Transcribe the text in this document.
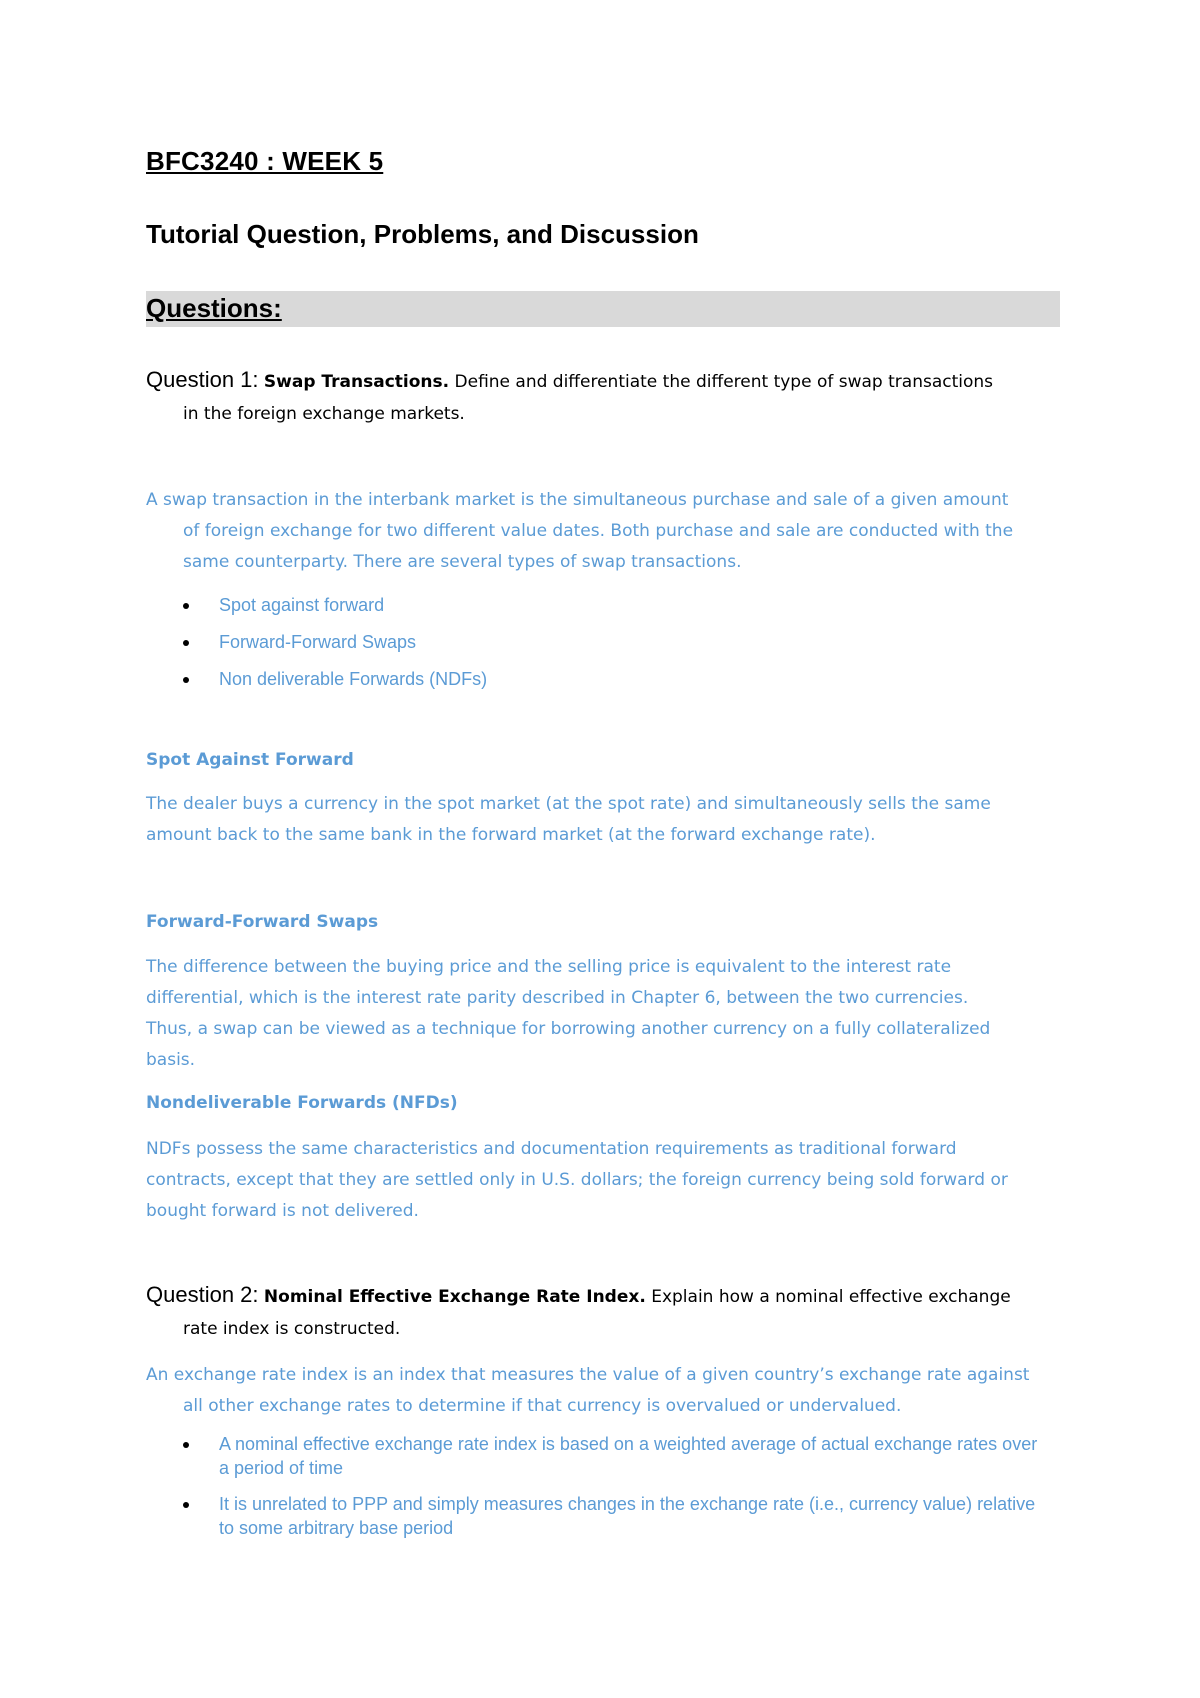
BFC3240 : WEEK 5

Tutorial Question, Problems, and Discussion

Questions:
Question 1: Swap Transactions. Define and differentiate the different type of swap transactions
in the foreign exchange markets.
A swap transaction in the interbank market is the simultaneous purchase and sale of a given amount
of foreign exchange for two different value dates. Both purchase and sale are conducted with the
same counterparty. There are several types of swap transactions.
Spot against forward
Forward-Forward Swaps
Non deliverable Forwards (NDFs)
Spot Against Forward
The dealer buys a currency in the spot market (at the spot rate) and simultaneously sells the same
amount back to the same bank in the forward market (at the forward exchange rate).
Forward-Forward Swaps
The difference between the buying price and the selling price is equivalent to the interest rate
differential, which is the interest rate parity described in Chapter 6, between the two currencies.
Thus, a swap can be viewed as a technique for borrowing another currency on a fully collateralized
basis.
Nondeliverable Forwards (NFDs)
NDFs possess the same characteristics and documentation requirements as traditional forward
contracts, except that they are settled only in U.S. dollars; the foreign currency being sold forward or
bought forward is not delivered.
Question 2: Nominal Effective Exchange Rate Index. Explain how a nominal effective exchange
rate index is constructed.
An exchange rate index is an index that measures the value of a given country’s exchange rate against
all other exchange rates to determine if that currency is overvalued or undervalued.
A nominal effective exchange rate index is based on a weighted average of actual exchange rates over
a period of time
It is unrelated to PPP and simply measures changes in the exchange rate (i.e., currency value) relative
to some arbitrary base period
